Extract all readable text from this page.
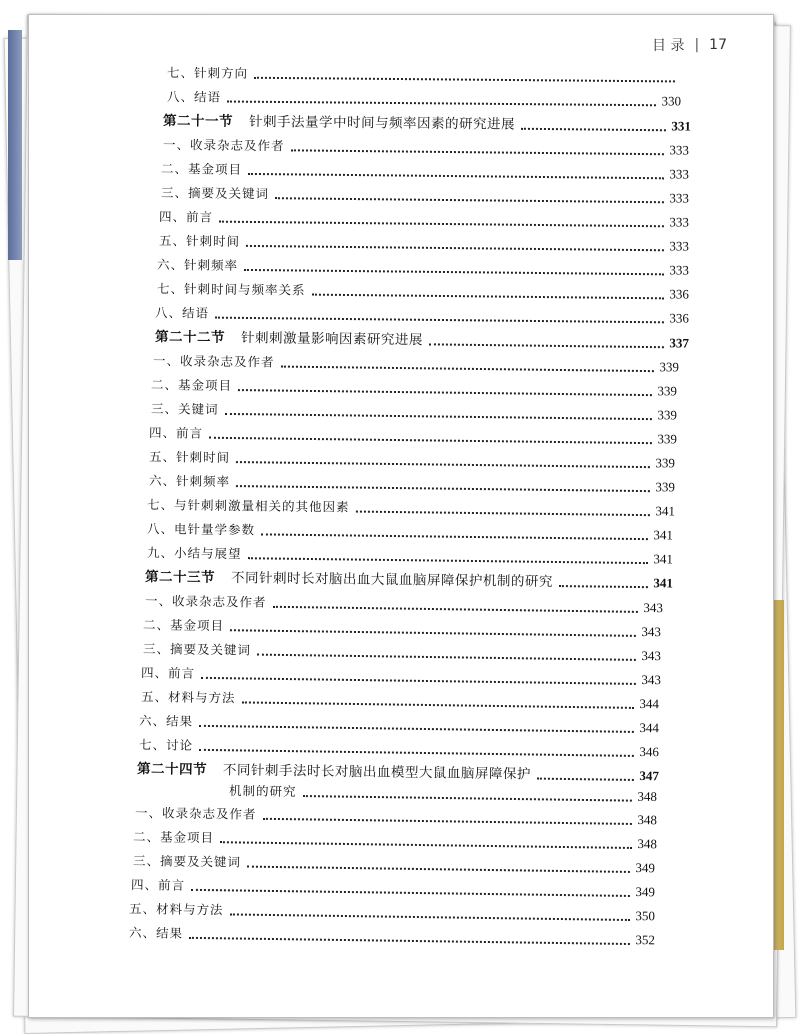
目 录 | 17
七、针刺方向
八、结语	330
第二十一节 针刺手法量学中时间与频率因素的研究进展	331
一、收录杂志及作者	333
二、基金项目	333
三、摘要及关键词	333
四、前言	333
五、针刺时间	333
六、针刺频率	333
七、针刺时间与频率关系	336
八、结语	336
第二十二节 针刺刺激量影响因素研究进展	337
一、收录杂志及作者	339
二、基金项目	339
三、关键词	339
四、前言	339
五、针刺时间	339
六、针刺频率	339
七、与针刺刺激量相关的其他因素	341
八、电针量学参数	341
九、小结与展望	341
第二十三节 不同针刺时长对脑出血大鼠血脑屏障保护机制的研究	341
一、收录杂志及作者	343
二、基金项目	343
三、摘要及关键词	343
四、前言	343
五、材料与方法	344
六、结果	344
七、讨论	346
第二十四节 不同针刺手法时长对脑出血模型大鼠血脑屏障保护	347
机制的研究	348
一、收录杂志及作者	348
二、基金项目	348
三、摘要及关键词	349
四、前言	349
五、材料与方法	350
六、结果	352
